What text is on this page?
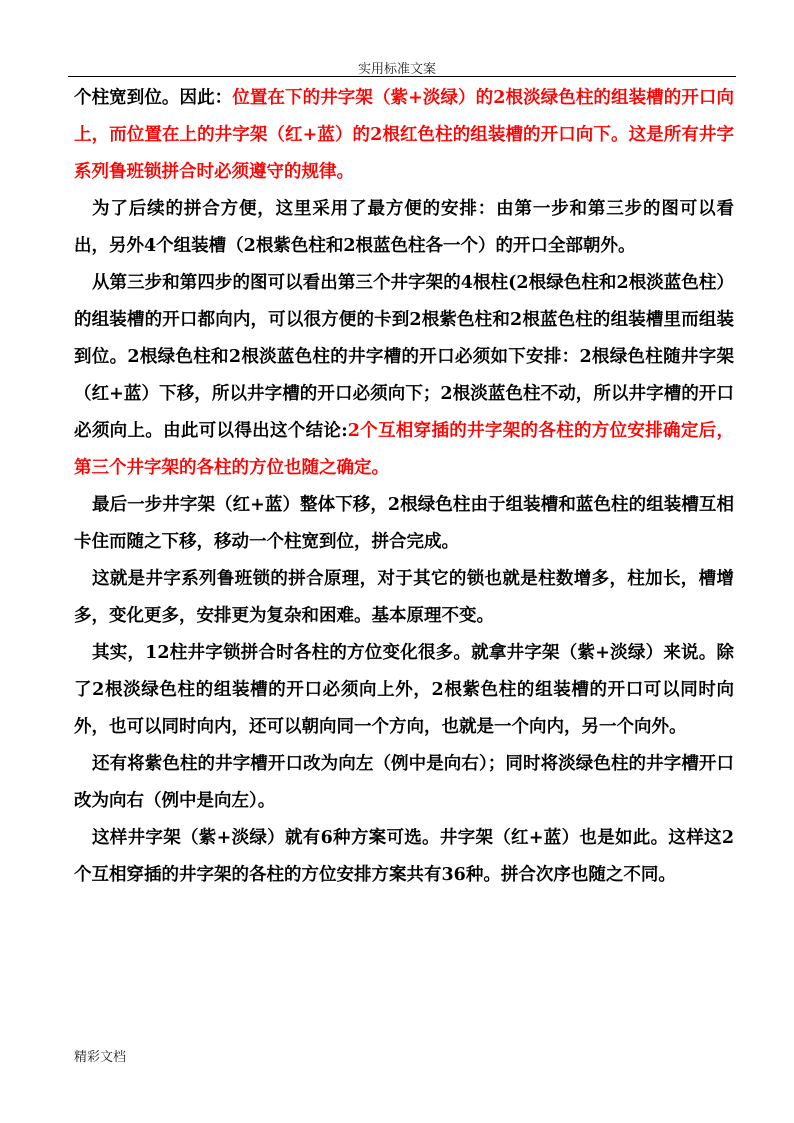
实用标准文案

个柱宽到位。因此：位置在下的井字架（紫+淡绿）的2根淡绿色柱的组装槽的开口向上，而位置在上的井字架（红+蓝）的2根红色柱的组装槽的开口向下。这是所有井字系列鲁班锁拼合时必须遵守的规律。

为了后续的拼合方便，这里采用了最方便的安排：由第一步和第三步的图可以看出，另外4个组装槽（2根紫色柱和2根蓝色柱各一个）的开口全部朝外。

从第三步和第四步的图可以看出第三个井字架的4根柱(2根绿色柱和2根淡蓝色柱）的组装槽的开口都向内，可以很方便的卡到2根紫色柱和2根蓝色柱的组装槽里而组装到位。2根绿色柱和2根淡蓝色柱的井字槽的开口必须如下安排：2根绿色柱随井字架（红+蓝）下移，所以井字槽的开口必须向下；2根淡蓝色柱不动，所以井字槽的开口必须向上。由此可以得出这个结论:2个互相穿插的井字架的各柱的方位安排确定后，第三个井字架的各柱的方位也随之确定。

最后一步井字架（红+蓝）整体下移，2根绿色柱由于组装槽和蓝色柱的组装槽互相卡住而随之下移，移动一个柱宽到位，拼合完成。

这就是井字系列鲁班锁的拼合原理，对于其它的锁也就是柱数增多，柱加长，槽增多，变化更多，安排更为复杂和困难。基本原理不变。

其实，12柱井字锁拼合时各柱的方位变化很多。就拿井字架（紫+淡绿）来说。除了2根淡绿色柱的组装槽的开口必须向上外，2根紫色柱的组装槽的开口可以同时向外，也可以同时向内，还可以朝向同一个方向，也就是一个向内，另一个向外。

还有将紫色柱的井字槽开口改为向左（例中是向右）；同时将淡绿色柱的井字槽开口改为向右（例中是向左）。

这样井字架（紫+淡绿）就有6种方案可选。井字架（红+蓝）也是如此。这样这2个互相穿插的井字架的各柱的方位安排方案共有36种。拼合次序也随之不同。

精彩文档
